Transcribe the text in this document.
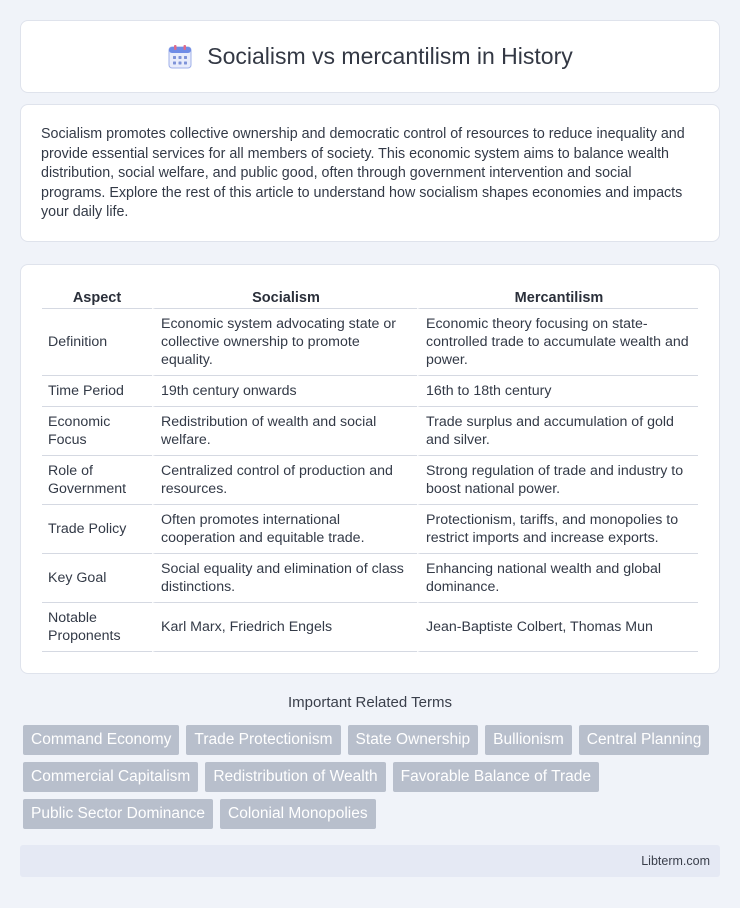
Socialism vs mercantilism in History

Socialism promotes collective ownership and democratic control of resources to reduce inequality and provide essential services for all members of society. This economic system aims to balance wealth distribution, social welfare, and public good, often through government intervention and social programs. Explore the rest of this article to understand how socialism shapes economies and impacts your daily life.

Aspect	Socialism	Mercantilism
Definition	Economic system advocating state or collective ownership to promote equality.	Economic theory focusing on state-controlled trade to accumulate wealth and power.
Time Period	19th century onwards	16th to 18th century
Economic Focus	Redistribution of wealth and social welfare.	Trade surplus and accumulation of gold and silver.
Role of Government	Centralized control of production and resources.	Strong regulation of trade and industry to boost national power.
Trade Policy	Often promotes international cooperation and equitable trade.	Protectionism, tariffs, and monopolies to restrict imports and increase exports.
Key Goal	Social equality and elimination of class distinctions.	Enhancing national wealth and global dominance.
Notable Proponents	Karl Marx, Friedrich Engels	Jean-Baptiste Colbert, Thomas Mun
Important Related Terms
Command Economy	Trade Protectionism	State Ownership	Bullionism	Central Planning
Commercial Capitalism	Redistribution of Wealth	Favorable Balance of Trade
Public Sector Dominance	Colonial Monopolies
Libterm.com
